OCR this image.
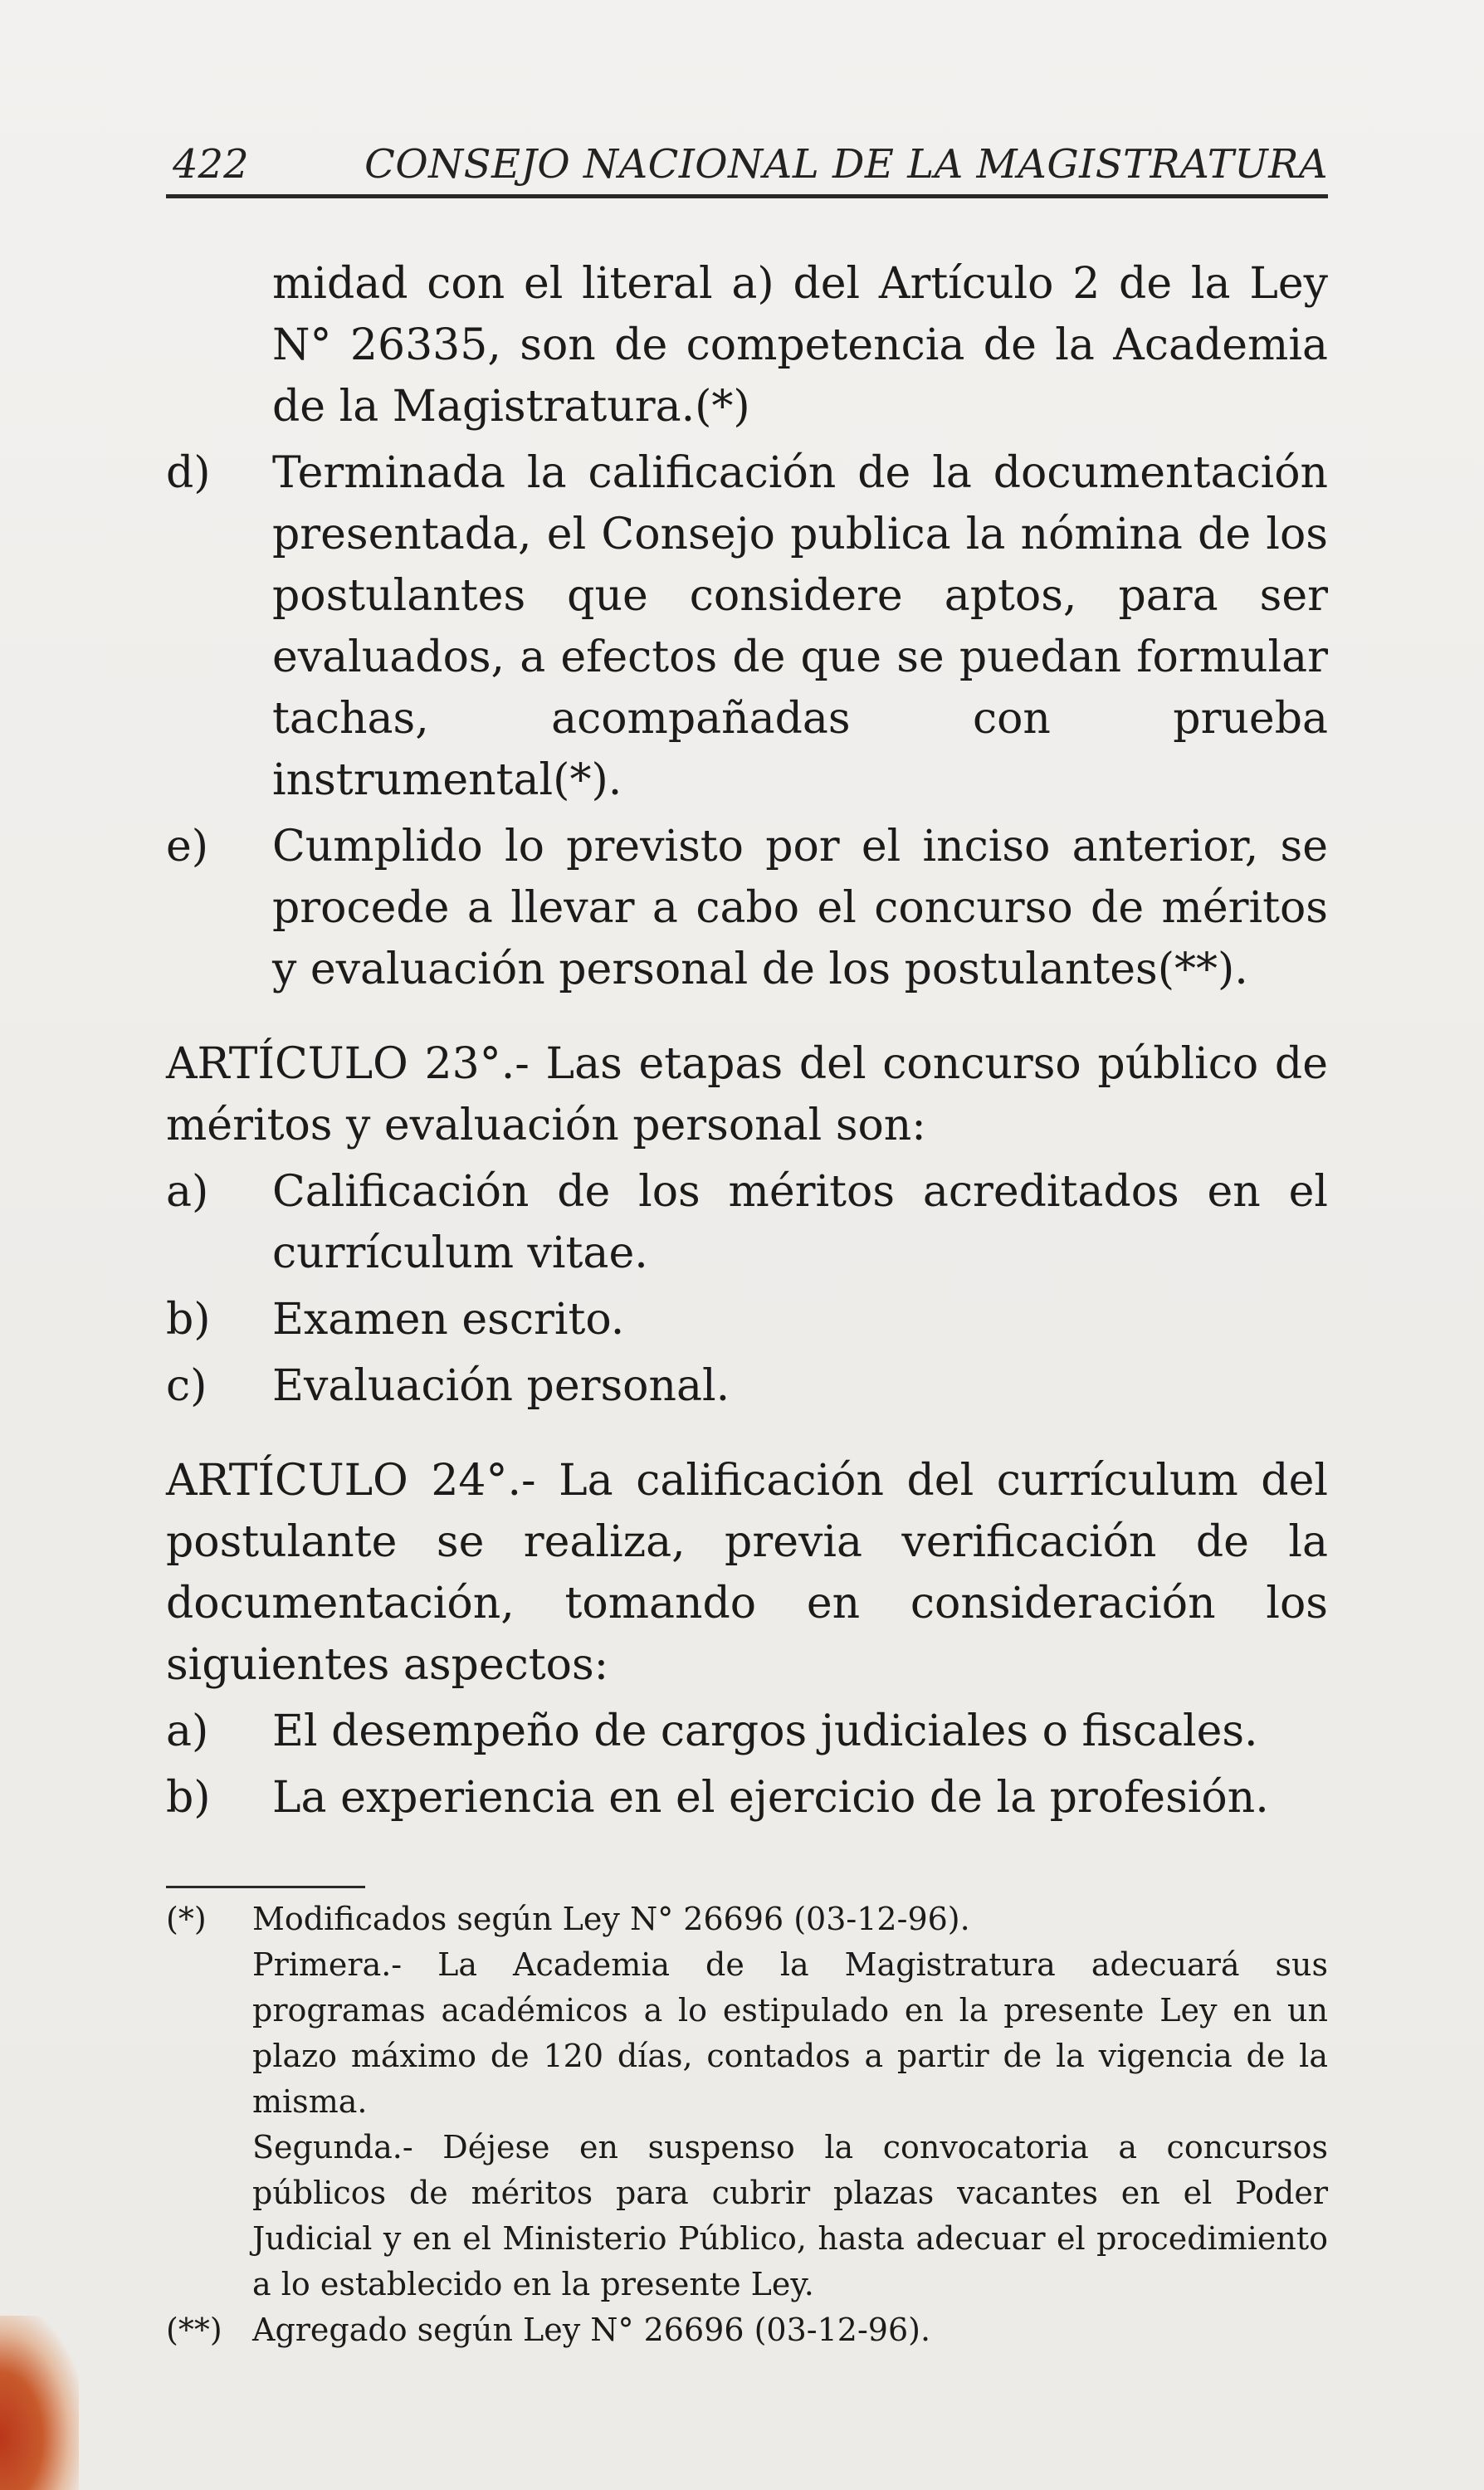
422	CONSEJO NACIONAL DE LA MAGISTRATURA
midad con el literal a) del Artículo 2 de la Ley N° 26335, son de competencia de la Academia de la Magistratura.(*)
d) Terminada la calificación de la documentación presentada, el Consejo publica la nómina de los postulantes que considere aptos, para ser evaluados, a efectos de que se puedan formular tachas, acompañadas con prueba instrumental(*).
e) Cumplido lo previsto por el inciso anterior, se procede a llevar a cabo el concurso de méritos y evaluación personal de los postulantes(**).
ARTÍCULO 23°.- Las etapas del concurso público de méritos y evaluación personal son:
a) Calificación de los méritos acreditados en el currículum vitae.
b) Examen escrito.
c) Evaluación personal.
ARTÍCULO 24°.- La calificación del currículum del postulante se realiza, previa verificación de la documentación, tomando en consideración los siguientes aspectos:
a) El desempeño de cargos judiciales o fiscales.
b) La experiencia en el ejercicio de la profesión.
(*) Modificados según Ley N° 26696 (03-12-96).

Primera.- La Academia de la Magistratura adecuará sus programas académicos a lo estipulado en la presente Ley en un plazo máximo de 120 días, contados a partir de la vigencia de la misma.

Segunda.- Déjese en suspenso la convocatoria a concursos públicos de méritos para cubrir plazas vacantes en el Poder Judicial y en el Ministerio Público, hasta adecuar el procedimiento a lo establecido en la presente Ley.

(**) Agregado según Ley N° 26696 (03-12-96).
